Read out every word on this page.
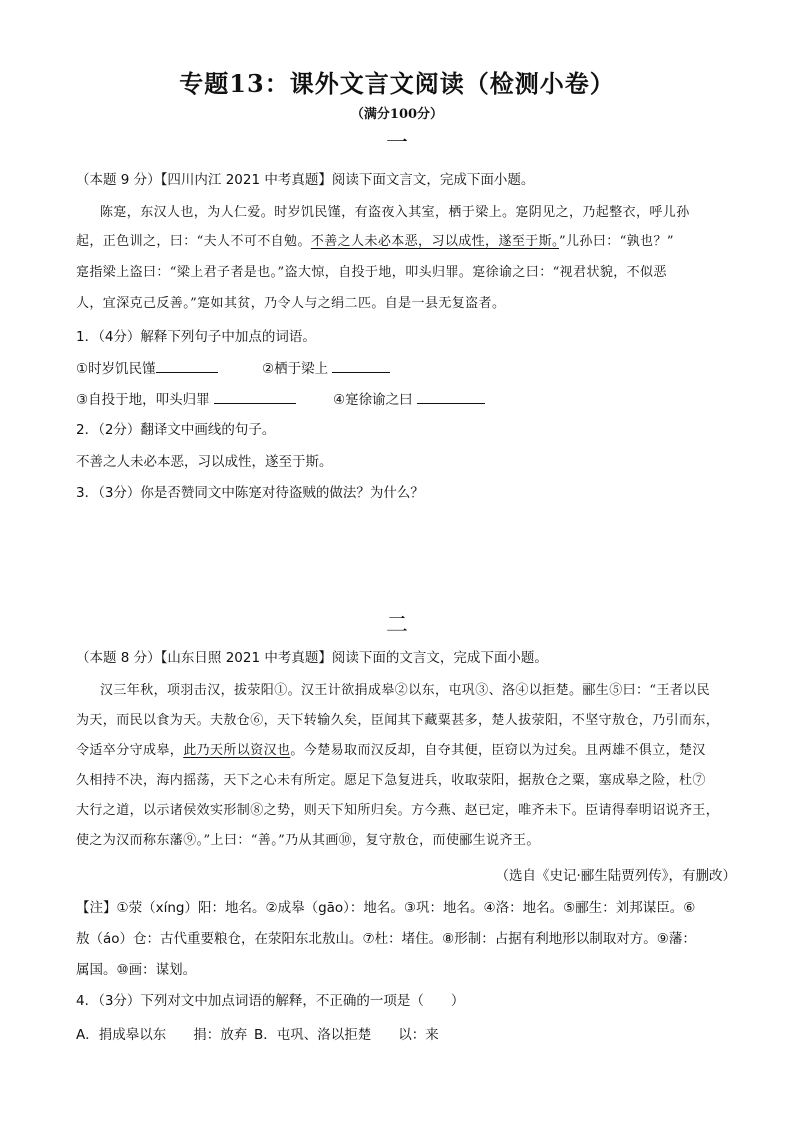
专题13：课外文言文阅读（检测小卷）
（满分100分）
一
（本题 9 分）【四川内江 2021 中考真题】阅读下面文言文，完成下面小题。
陈寔，东汉人也，为人仁爱。时岁饥民馑，有盗夜入其室，栖于梁上。寔阴见之，乃起整衣，呼儿孙
起，正色训之，曰：“夫人不可不自勉。不善之人未必本恶，习以成性，遂至于斯。”儿孙曰：“孰也？”
寔指梁上盗曰：“梁上君子者是也。”盗大惊，自投于地，叩头归罪。寔徐谕之曰：“视君状貌，不似恶
人，宜深克己反善。”寔如其贫，乃令人与之绢二匹。自是一县无复盗者。
1．（4分）解释下列句子中加点的词语。
①时岁饥民馑	②栖于梁上
③自投于地，叩头归罪	④寔徐谕之曰
2．（2分）翻译文中画线的句子。
不善之人未必本恶，习以成性，遂至于斯。
3．（3分）你是否赞同文中陈寔对待盗贼的做法？为什么？
二
（本题 8 分）【山东日照 2021 中考真题】阅读下面的文言文，完成下面小题。
汉三年秋，项羽击汉，拔荥阳①。汉王计欲捐成皋②以东，屯巩③、洛④以拒楚。郦生⑤曰：“王者以民
为天，而民以食为天。夫敖仓⑥，天下转输久矣，臣闻其下藏粟甚多，楚人拔荥阳，不坚守敖仓，乃引而东，
令适卒分守成皋，此乃天所以资汉也。今楚易取而汉反却，自夺其便，臣窃以为过矣。且两雄不俱立，楚汉
久相持不决，海内摇荡，天下之心未有所定。愿足下急复进兵，收取荥阳，据敖仓之粟，塞成皋之险，杜⑦
大行之道，以示诸侯效实形制⑧之势，则天下知所归矣。方今燕、赵已定，唯齐未下。臣请得奉明诏说齐王，
使之为汉而称东藩⑨。”上曰：“善。”乃从其画⑩，复守敖仓，而使郦生说齐王。
（选自《史记·郦生陆贾列传》，有删改）
【注】①荥（xíng）阳：地名。②成皋（gāo）：地名。③巩：地名。④洛：地名。⑤郦生：刘邦谋臣。⑥
敖（áo）仓：古代重要粮仓，在荥阳东北敖山。⑦杜：堵住。⑧形制：占据有利地形以制取对方。⑨藩：
属国。⑩画：谋划。
4．（3分）下列对文中加点词语的解释，不正确的一项是（　　）
A．捐成皋以东　　捐：放弃 B．屯巩、洛以拒楚　　以：来
